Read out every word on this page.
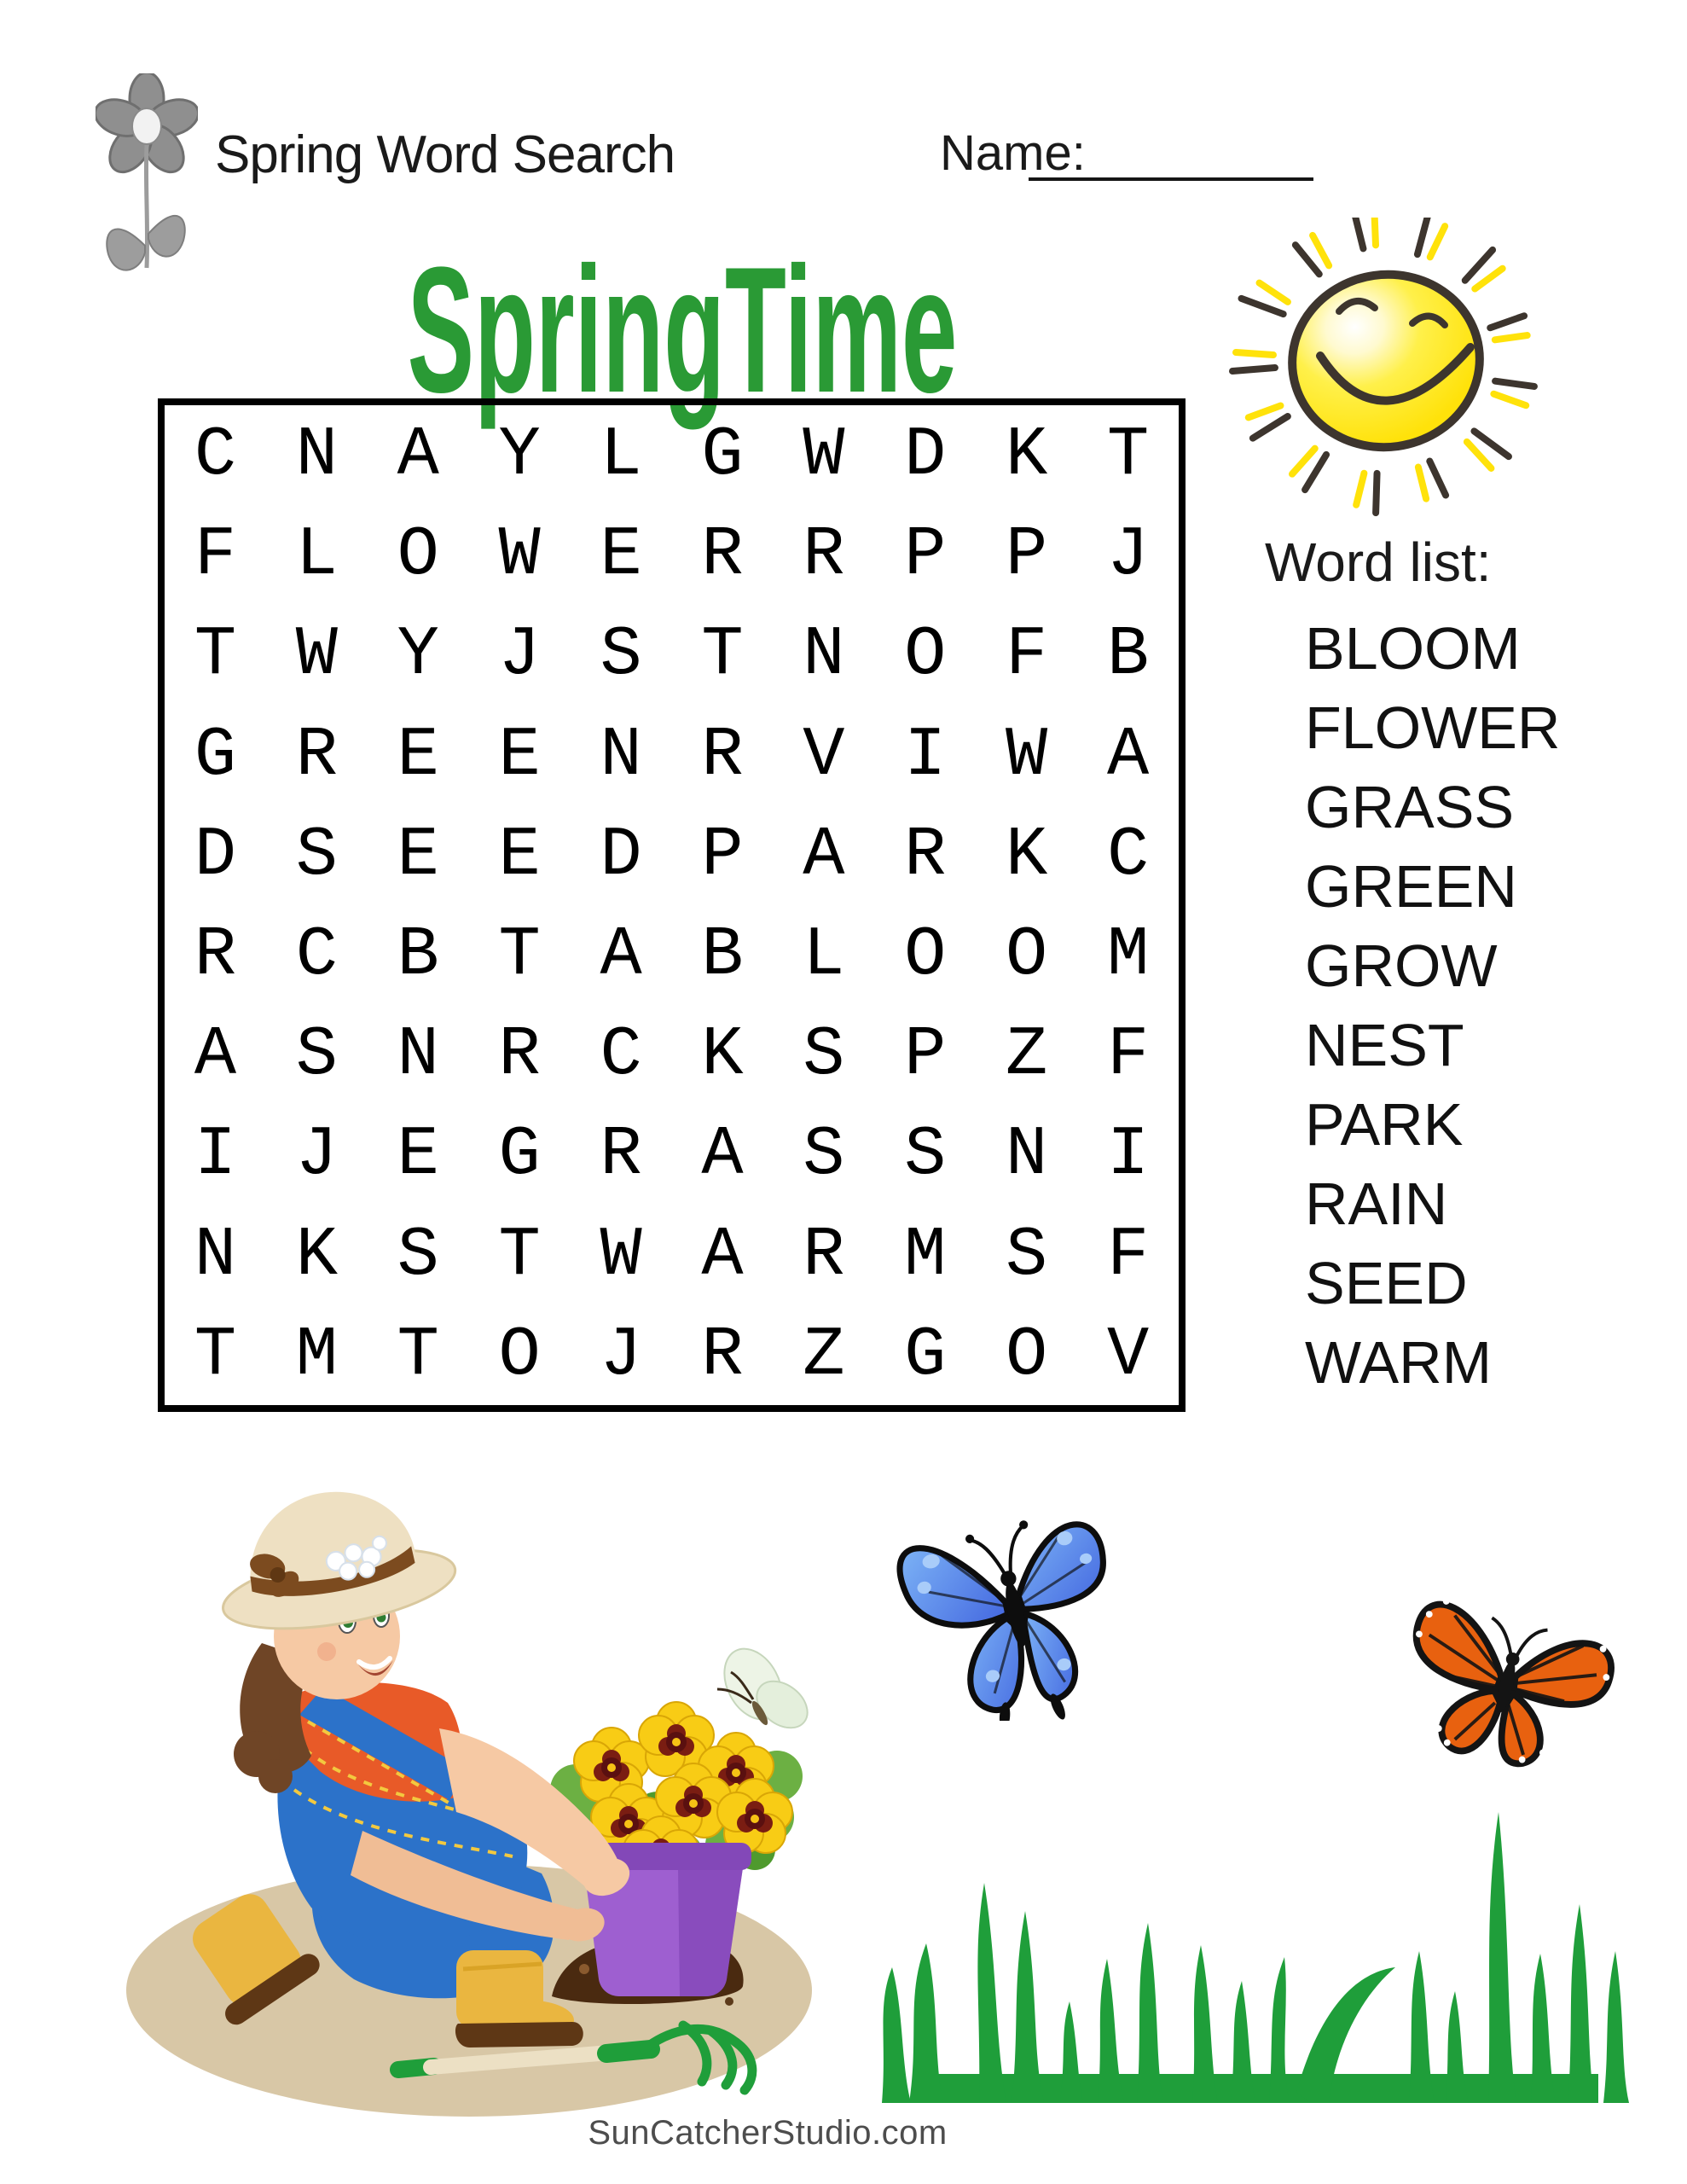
Spring Word Search	Name:
SpringTime
C N A Y L G W D K T
F L O W E R R P P J
T W Y J S T N O F B
G R E E N R V I W A
D S E E D P A R K C
R C B T A B L O O M
A S N R C K S P Z F
I J E G R A S S N I
N K S T W A R M S F
T M T O J R Z G O V
Word list:
BLOOM
FLOWER
GRASS
GREEN
GROW
NEST
PARK
RAIN
SEED
WARM
SunCatcherStudio.com
